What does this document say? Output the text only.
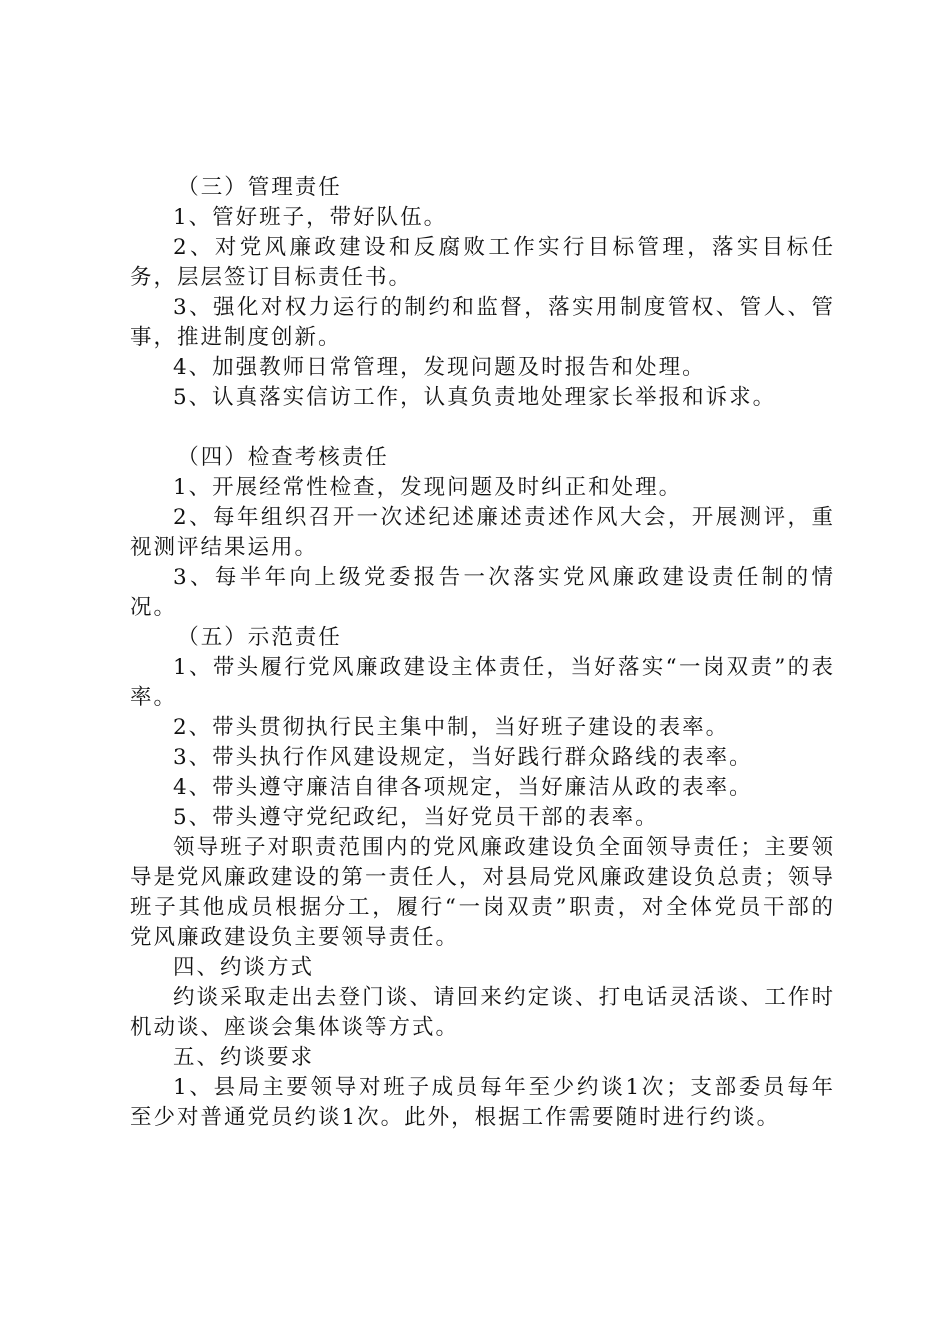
（三）管理责任

1、管好班子，带好队伍。

2、对党风廉政建设和反腐败工作实行目标管理，落实目标任务，层层签订目标责任书。

3、强化对权力运行的制约和监督，落实用制度管权、管人、管事，推进制度创新。

4、加强教师日常管理，发现问题及时报告和处理。

5、认真落实信访工作，认真负责地处理家长举报和诉求。

（四）检查考核责任

1、开展经常性检查，发现问题及时纠正和处理。

2、每年组织召开一次述纪述廉述责述作风大会，开展测评，重视测评结果运用。

3、每半年向上级党委报告一次落实党风廉政建设责任制的情况。

（五）示范责任

1、带头履行党风廉政建设主体责任，当好落实“一岗双责”的表率。

2、带头贯彻执行民主集中制，当好班子建设的表率。

3、带头执行作风建设规定，当好践行群众路线的表率。

4、带头遵守廉洁自律各项规定，当好廉洁从政的表率。

5、带头遵守党纪政纪，当好党员干部的表率。

领导班子对职责范围内的党风廉政建设负全面领导责任；主要领导是党风廉政建设的第一责任人，对县局党风廉政建设负总责；领导班子其他成员根据分工，履行“一岗双责”职责，对全体党员干部的党风廉政建设负主要领导责任。

四、约谈方式

约谈采取走出去登门谈、请回来约定谈、打电话灵活谈、工作时机动谈、座谈会集体谈等方式。

五、约谈要求

1、县局主要领导对班子成员每年至少约谈1次；支部委员每年至少对普通党员约谈1次。此外，根据工作需要随时进行约谈。
